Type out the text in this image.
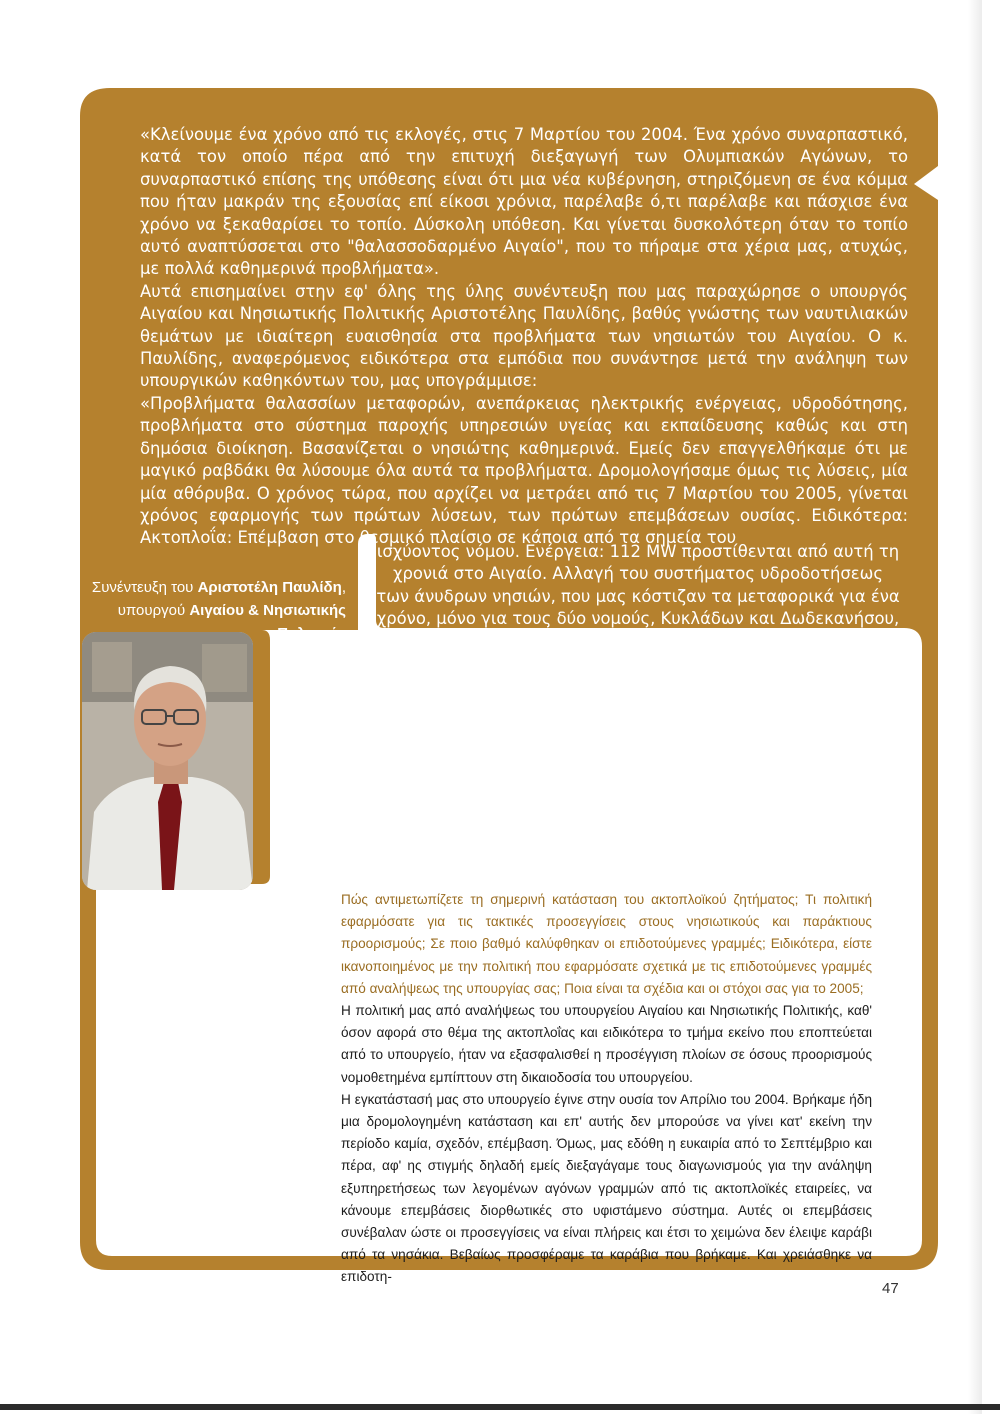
«Κλείνουμε ένα χρόνο από τις εκλογές, στις 7 Μαρτίου του 2004. Ένα χρόνο συναρπαστικό, κατά τον οποίο πέρα από την επιτυχή διεξαγωγή των Ολυμπιακών Αγώνων, το συναρπαστικό επίσης της υπόθεσης είναι ότι μια νέα κυβέρνηση, στηριζόμενη σε ένα κόμμα που ήταν μακράν της εξουσίας επί είκοσι χρόνια, παρέλαβε ό,τι παρέλαβε και πάσχισε ένα χρόνο να ξεκαθαρίσει το τοπίο. Δύσκολη υπόθεση. Και γίνεται δυσκολότερη όταν το τοπίο αυτό αναπτύσσεται στο "θαλασσοδαρμένο Αιγαίο", που το πήραμε στα χέρια μας, ατυχώς, με πολλά καθημερινά προβλήματα».

Αυτά επισημαίνει στην εφ' όλης της ύλης συνέντευξη που μας παραχώρησε ο υπουργός Αιγαίου και Νησιωτικής Πολιτικής Αριστοτέλης Παυλίδης, βαθύς γνώστης των ναυτιλιακών θεμάτων με ιδιαίτερη ευαισθησία στα προβλήματα των νησιωτών του Αιγαίου. Ο κ. Παυλίδης, αναφερόμενος ειδικότερα στα εμπόδια που συνάντησε μετά την ανάληψη των υπουργικών καθηκόντων του, μας υπογράμμισε:

«Προβλήματα θαλασσίων μεταφορών, ανεπάρκειας ηλεκτρικής ενέργειας, υδροδότησης, προβλήματα στο σύστημα παροχής υπηρεσιών υγείας και εκπαίδευσης καθώς και στη δημόσια διοίκηση. Βασανίζεται ο νησιώτης καθημερινά. Εμείς δεν επαγγελθήκαμε ότι με μαγικό ραβδάκι θα λύσουμε όλα αυτά τα προβλήματα. Δρομολογήσαμε όμως τις λύσεις, μία μία αθόρυβα. Ο χρόνος τώρα, που αρχίζει να μετράει από τις 7 Μαρτίου του 2005, γίνεται χρόνος εφαρμογής των πρώτων λύσεων, των πρώτων επεμβάσεων ουσίας. Ειδικότερα: Ακτοπλοΐα: Επέμβαση στο θεσμικό πλαίσιο σε κάποια από τα σημεία του

ισχύοντος νόμου. Ενέργεια: 112 MW προστίθενται από αυτή τη χρονιά στο Αιγαίο. Αλλαγή του συστήματος υδροδοτήσεως των άνυδρων νησιών, που μας κόστιζαν τα μεταφορικά για ένα χρόνο, μόνο για τους δύο νομούς, Κυκλάδων και Δωδεκανήσου, 8,8 εκατ. ευρώ περίπου. Αυτές οι επεμβάσεις πιστεύω ότι θα βελτιώσουν το επίπεδο διαβιώσεως των νησιωτών με στόχο: μη μας φύγουν οι νησιώτες και μας μείνουν τα νησιά».
Συνέντευξη του Αριστοτέλη Παυλίδη,
υπουργού Αιγαίου & Νησιωτικής Πολιτικής

Πώς αντιμετωπίζετε τη σημερινή κατάσταση του ακτοπλοϊκού ζητήματος; Τι πολιτική εφαρμόσατε για τις τακτικές προσεγγίσεις στους νησιωτικούς και παράκτιους προορισμούς; Σε ποιο βαθμό καλύφθηκαν οι επιδοτούμενες γραμμές; Ειδικότερα, είστε ικανοποιημένος με την πολιτική που εφαρμόσατε σχετικά με τις επιδοτούμενες γραμμές από αναλήψεως της υπουργίας σας; Ποια είναι τα σχέδια και οι στόχοι σας για το 2005;

Η πολιτική μας από αναλήψεως του υπουργείου Αιγαίου και Νησιωτικής Πολιτικής, καθ' όσον αφορά στο θέμα της ακτοπλοΐας και ειδικότερα το τμήμα εκείνο που εποπτεύεται από το υπουργείο, ήταν να εξασφαλισθεί η προσέγγιση πλοίων σε όσους προορισμούς νομοθετημένα εμπίπτουν στη δικαιοδοσία του υπουργείου.

Η εγκατάστασή μας στο υπουργείο έγινε στην ουσία τον Απρίλιο του 2004. Βρήκαμε ήδη μια δρομολογημένη κατάσταση και επ' αυτής δεν μπορούσε να γίνει κατ' εκείνη την περίοδο καμία, σχεδόν, επέμβαση. Όμως, μας εδόθη η ευκαιρία από το Σεπτέμβριο και πέρα, αφ' ης στιγμής δηλαδή εμείς διεξαγάγαμε τους διαγωνισμούς για την ανάληψη εξυπηρετήσεως των λεγομένων αγόνων γραμμών από τις ακτοπλοϊκές εταιρείες, να κάνουμε επεμβάσεις διορθωτικές στο υφιστάμενο σύστημα. Αυτές οι επεμβάσεις συνέβαλαν ώστε οι προσεγγίσεις να είναι πλήρεις και έτσι το χειμώνα δεν έλειψε καράβι από τα νησάκια. Βεβαίως προσφέραμε τα καράβια που βρήκαμε. Και χρειάσθηκε να επιδοτη-

47
